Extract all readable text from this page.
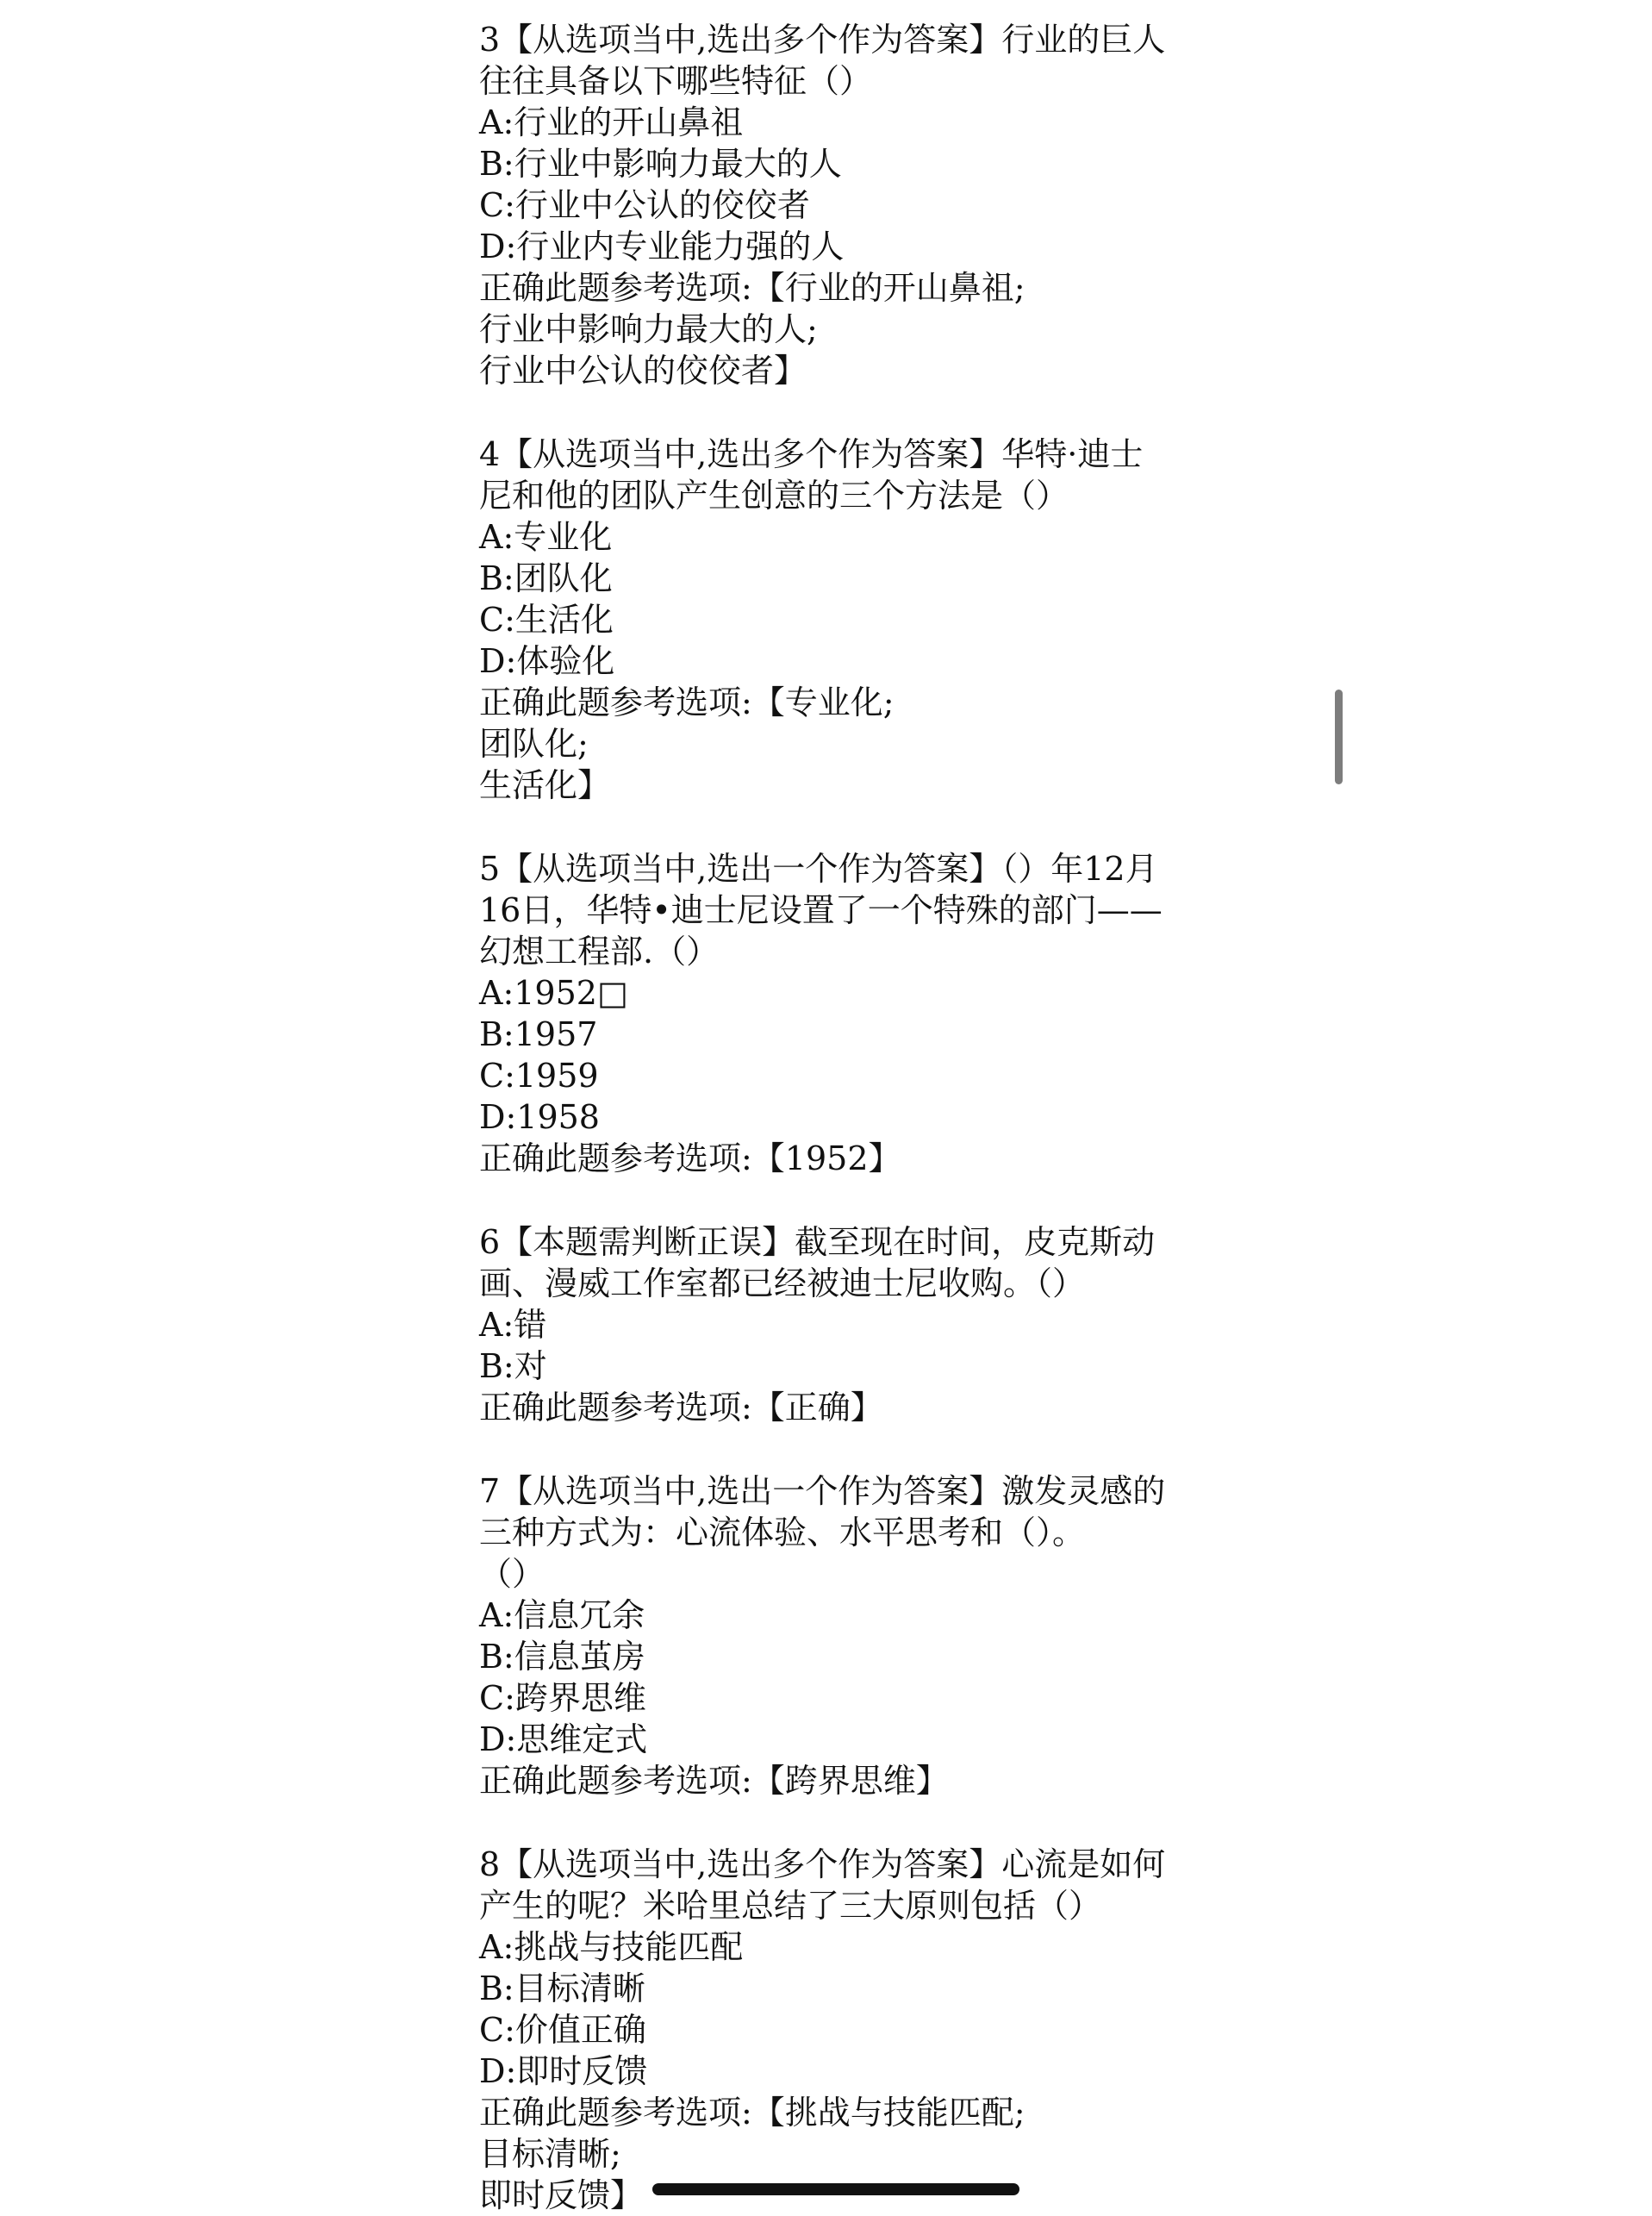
3【从选项当中,选出多个作为答案】行业的巨人
往往具备以下哪些特征（）
A:行业的开山鼻祖
B:行业中影响力最大的人
C:行业中公认的佼佼者
D:行业内专业能力强的人
正确此题参考选项:【行业的开山鼻祖;
行业中影响力最大的人;
行业中公认的佼佼者】
4【从选项当中,选出多个作为答案】华特·迪士
尼和他的团队产生创意的三个方法是（）
A:专业化
B:团队化
C:生活化
D:体验化
正确此题参考选项:【专业化;
团队化;
生活化】
5【从选项当中,选出一个作为答案】（）年12月
16日，华特•迪士尼设置了一个特殊的部门——
幻想工程部.（）
A:1952□
B:1957
C:1959
D:1958
正确此题参考选项:【1952】
6【本题需判断正误】截至现在时间，皮克斯动
画、漫威工作室都已经被迪士尼收购。（）
A:错
B:对
正确此题参考选项:【正确】
7【从选项当中,选出一个作为答案】激发灵感的
三种方式为：心流体验、水平思考和（）。
（）
A:信息冗余
B:信息茧房
C:跨界思维
D:思维定式
正确此题参考选项:【跨界思维】
8【从选项当中,选出多个作为答案】心流是如何
产生的呢？米哈里总结了三大原则包括（）
A:挑战与技能匹配
B:目标清晰
C:价值正确
D:即时反馈
正确此题参考选项:【挑战与技能匹配;
目标清晰;
即时反馈】
